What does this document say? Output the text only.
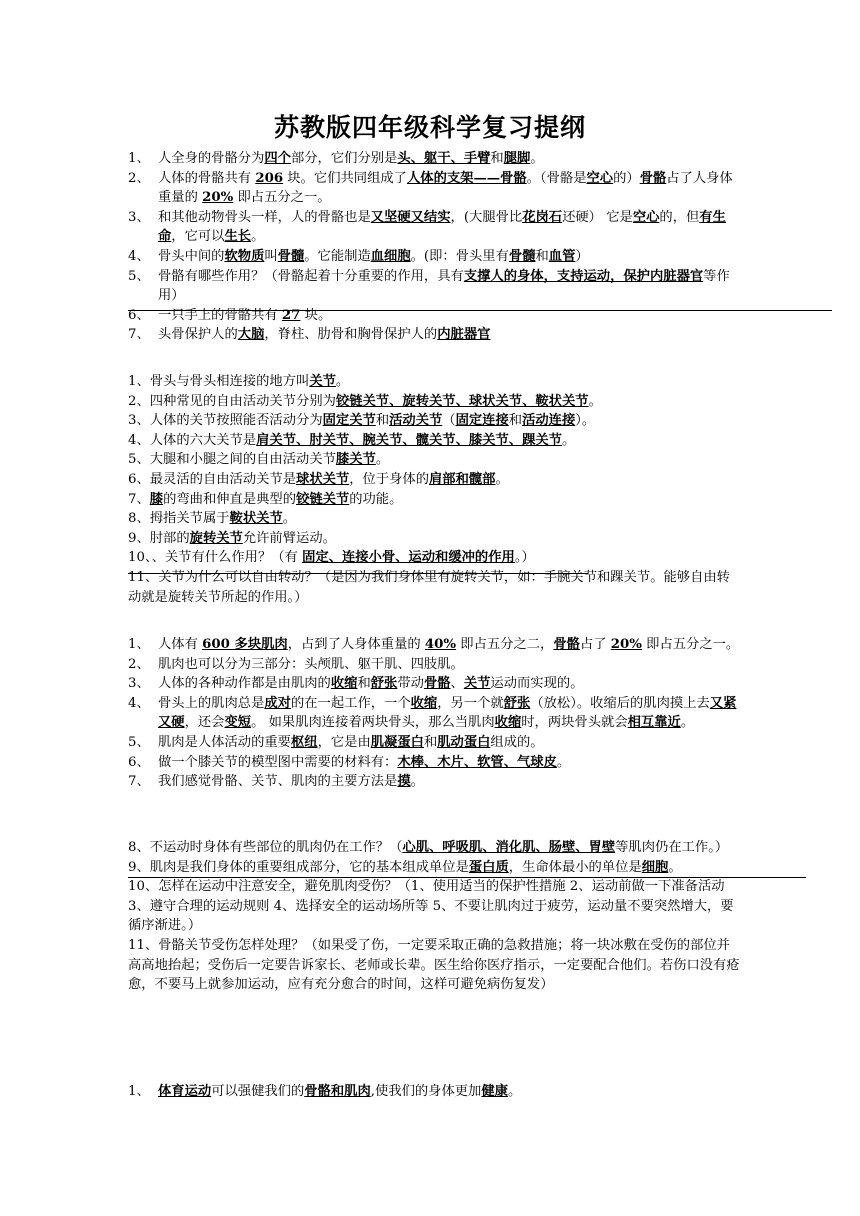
苏教版四年级科学复习提纲
1、 人全身的骨骼分为四个部分，它们分别是头、躯干、手臂和腿脚。
2、 人体的骨骼共有 206 块。它们共同组成了人体的支架——骨骼。（骨骼是空心的）骨骼占了人身体重量的 20% 即占五分之一。
3、 和其他动物骨头一样，人的骨骼也是又坚硬又结实，(大腿骨比花岗石还硬） 它是空心的，但有生命，它可以生长。
4、 骨头中间的软物质叫骨髓。它能制造血细胞。(即：骨头里有骨髓和血管）
5、 骨骼有哪些作用？（骨骼起着十分重要的作用，具有支撑人的身体，支持运动，保护内脏器官等作用）
6、 一只手上的骨骼共有 27 块。
7、 头骨保护人的大脑，脊柱、肋骨和胸骨保护人的内脏器官
1、骨头与骨头相连接的地方叫关节。
2、四种常见的自由活动关节分别为铰链关节、旋转关节、球状关节、鞍状关节。
3、人体的关节按照能否活动分为固定关节和活动关节（固定连接和活动连接）。
4、人体的六大关节是肩关节、肘关节、腕关节、髋关节、膝关节、踝关节。
5、大腿和小腿之间的自由活动关节膝关节。
6、最灵活的自由活动关节是球状关节，位于身体的肩部和髋部。
7、膝的弯曲和伸直是典型的铰链关节的功能。
8、拇指关节属于鞍状关节。
9、肘部的旋转关节允许前臂运动。
10、、关节有什么作用？（有 固定、连接小骨、运动和缓冲的作用。）
11、关节为什么可以自由转动？（是因为我们身体里有旋转关节，如：手腕关节和踝关节。能够自由转动就是旋转关节所起的作用。）
1、 人体有 600 多块肌肉，占到了人身体重量的 40% 即占五分之二，骨骼占了 20% 即占五分之一。
2、 肌肉也可以分为三部分：头颅肌、躯干肌、四肢肌。
3、 人体的各种动作都是由肌肉的收缩和舒张带动骨骼、关节运动而实现的。
4、 骨头上的肌肉总是成对的在一起工作，一个收缩，另一个就舒张（放松）。收缩后的肌肉摸上去又紧又硬，还会变短。 如果肌肉连接着两块骨头，那么当肌肉收缩时，两块骨头就会相互靠近。
5、 肌肉是人体活动的重要枢纽，它是由肌凝蛋白和肌动蛋白组成的。
6、 做一个膝关节的模型图中需要的材料有：木棒、木片、软管、气球皮。
7、 我们感觉骨骼、关节、肌肉的主要方法是摸。
8、不运动时身体有些部位的肌肉仍在工作？（心肌、呼吸肌、消化肌、肠壁、胃壁等肌肉仍在工作。）
9、肌肉是我们身体的重要组成部分，它的基本组成单位是蛋白质，生命体最小的单位是细胞。
10、怎样在运动中注意安全，避免肌肉受伤？（1、使用适当的保护性措施 2、运动前做一下准备活动 3、遵守合理的运动规则 4、选择安全的运动场所等 5、不要让肌肉过于疲劳，运动量不要突然增大，要循序渐进。）
11、骨骼关节受伤怎样处理？（如果受了伤，一定要采取正确的急救措施；将一块冰敷在受伤的部位并高高地抬起；受伤后一定要告诉家长、老师或长辈。医生给你医疗指示，一定要配合他们。若伤口没有疮愈，不要马上就参加运动，应有充分愈合的时间，这样可避免病伤复发）
1、 体育运动可以强健我们的骨骼和肌肉,使我们的身体更加健康。
